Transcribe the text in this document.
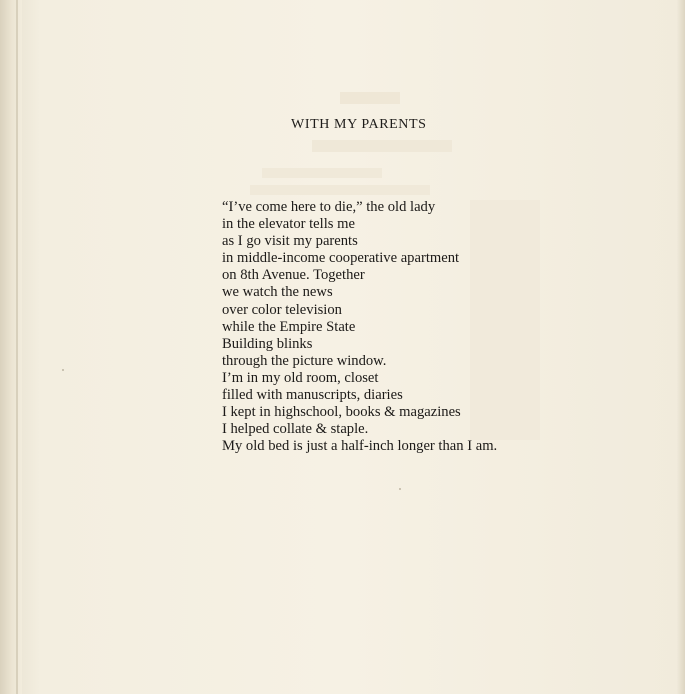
WITH MY PARENTS
“I’ve come here to die,” the old lady
in the elevator tells me
as I go visit my parents
in middle-income cooperative apartment
on 8th Avenue. Together
we watch the news
over color television
while the Empire State
Building blinks
through the picture window.
I’m in my old room, closet
filled with manuscripts, diaries
I kept in highschool, books & magazines
I helped collate & staple.
My old bed is just a half-inch longer than I am.
